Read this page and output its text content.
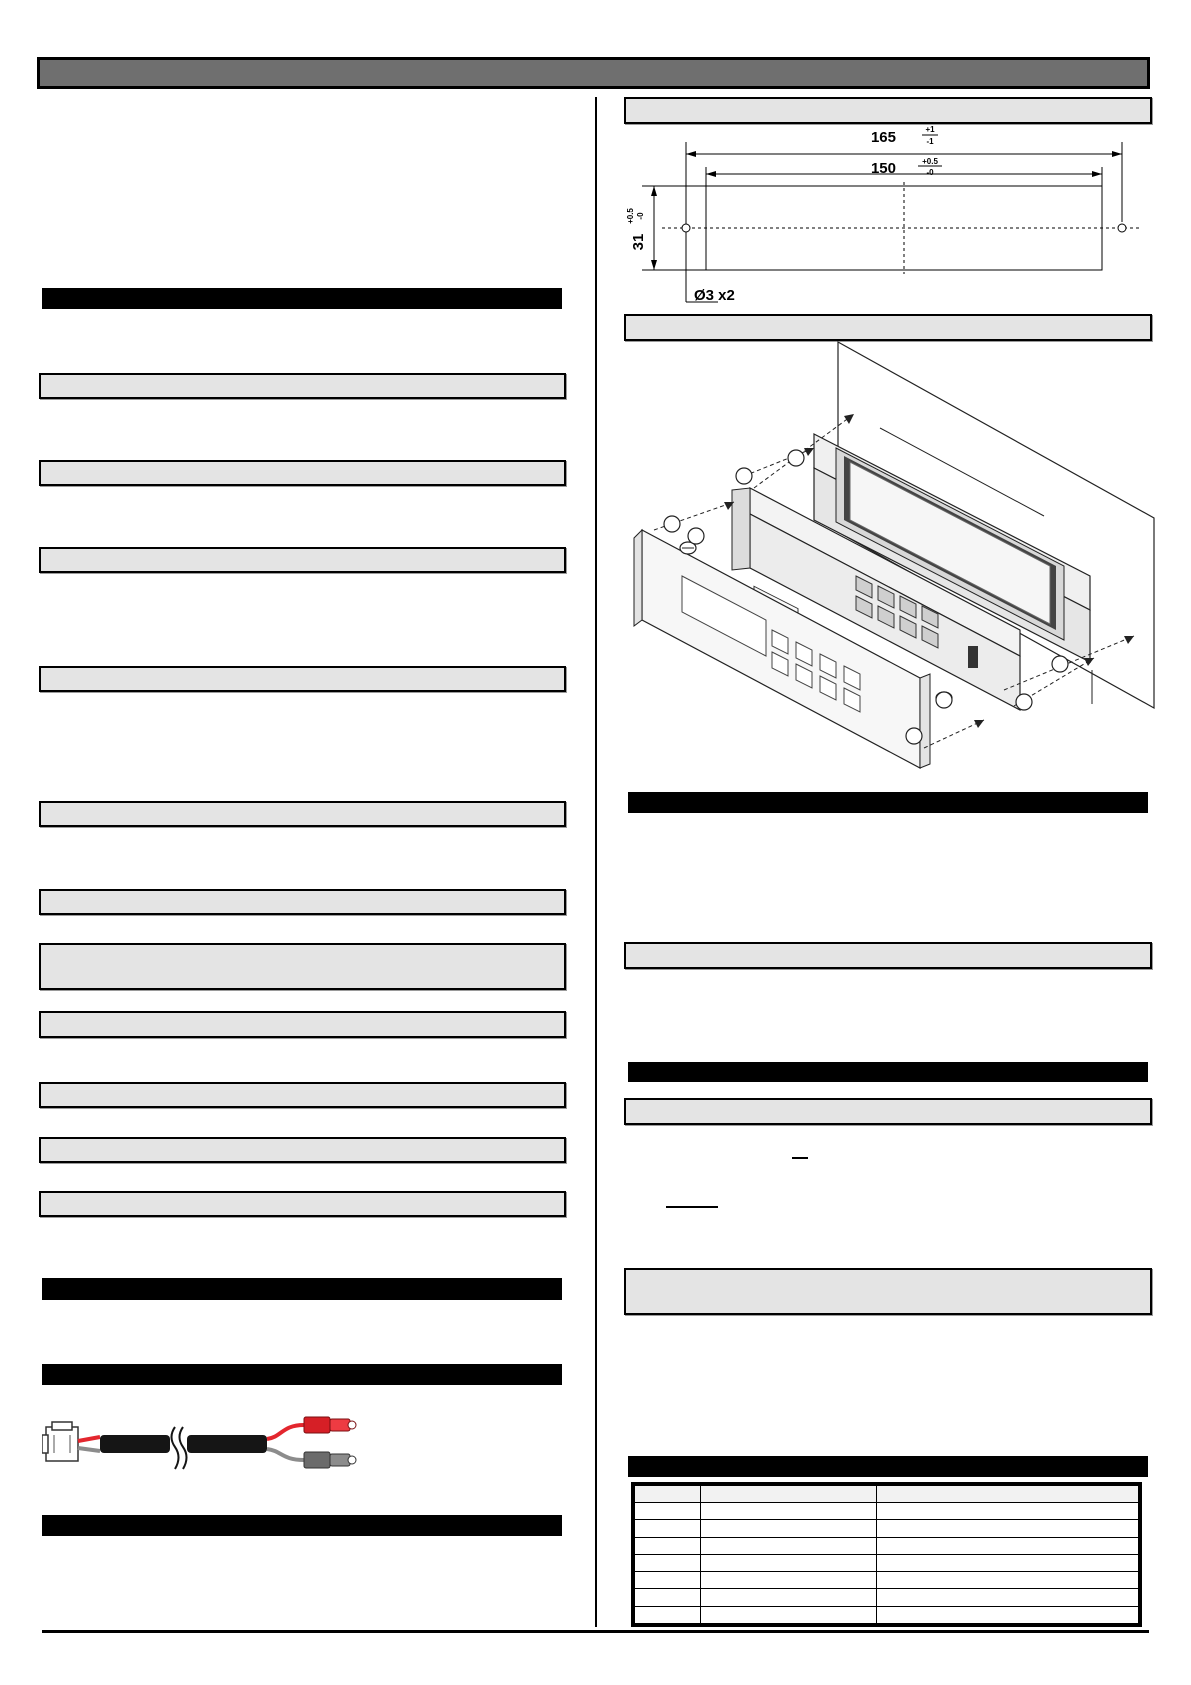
165	+1
-1
150	+0.5
-0
31
+0.5 -0
Ø3 x2
